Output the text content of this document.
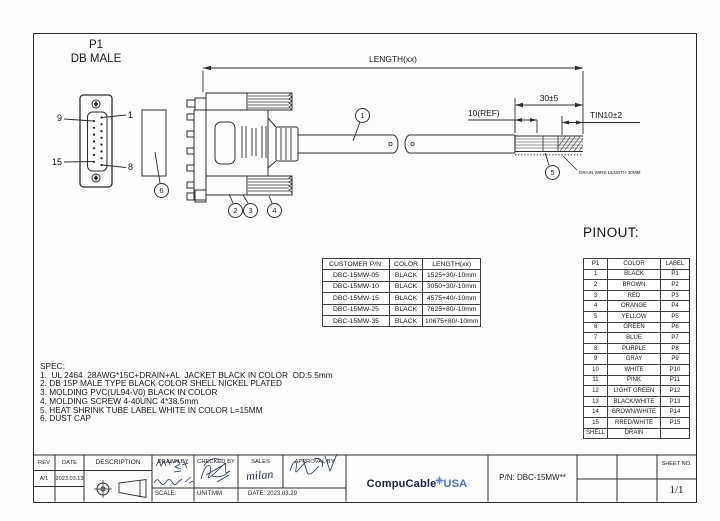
P1
DB MALE
9	1
15	8
LENGTH(xx)
30±5
10(REF)	TIN10±2
DRAIN WIRE LENGTH 30MM
1
2	3	4
5
6
PINOUT:
CUSTOMER P/N:	COLOR	LENGTH(xx)
DBC-15MW-05	BLACK	1525+30/-10mm
DBC-15MW-10	BLACK	3050+30/-10mm
DBC-15MW-15	BLACK	4575+40/-10mm
DBC-15MW-25	BLACK	7625+80/-10mm
DBC-15MW-35	BLACK	10675+80/-10mm
P1	COLOR	LABEL
1	BLACK	P1
2	BROWN	P2
3	RED	P3
4	ORANGE	P4
5	YELLOW	P5
6	GREEN	P6
7	BLUE	P7
8	PURPLE	P8
9	GRAY	P9
10	WHITE	P10
11	PINK	P11
12	LIGHT GREEN	P12
13	BLACK/WHITE	P13
14	BROWN/WHITE	P14
15	RRED/WHITE	P15
SHELL	DRAIN	
SPEC:
1.  UL 2464  28AWG*15C+DRAIN+AL  JACKET BLACK IN COLOR  OD:5.5mm
2. DB 15P MALE TYPE BLACK COLOR SHELL NICKEL PLATED
3. MOLDING PVC(UL94-V0) BLACK IN COLOR
4. MOLDING SCREW 4-40UNC 4*38.5mm
5. HEAT SHRINK TUBE LABEL WHITE IN COLOR L=15MM
6. DUST CAP
REV	DATE	DESCRIPTION	DRAWN BY	CHECKED BY	SALES	APPROVAL BY
A/1	2023.03.13
SCALE:	UNIT:MM	DATE: 2023.03.29
milan
CompuCable USA
P/N: DBC-15MW**
SHEET NO.
1/1
